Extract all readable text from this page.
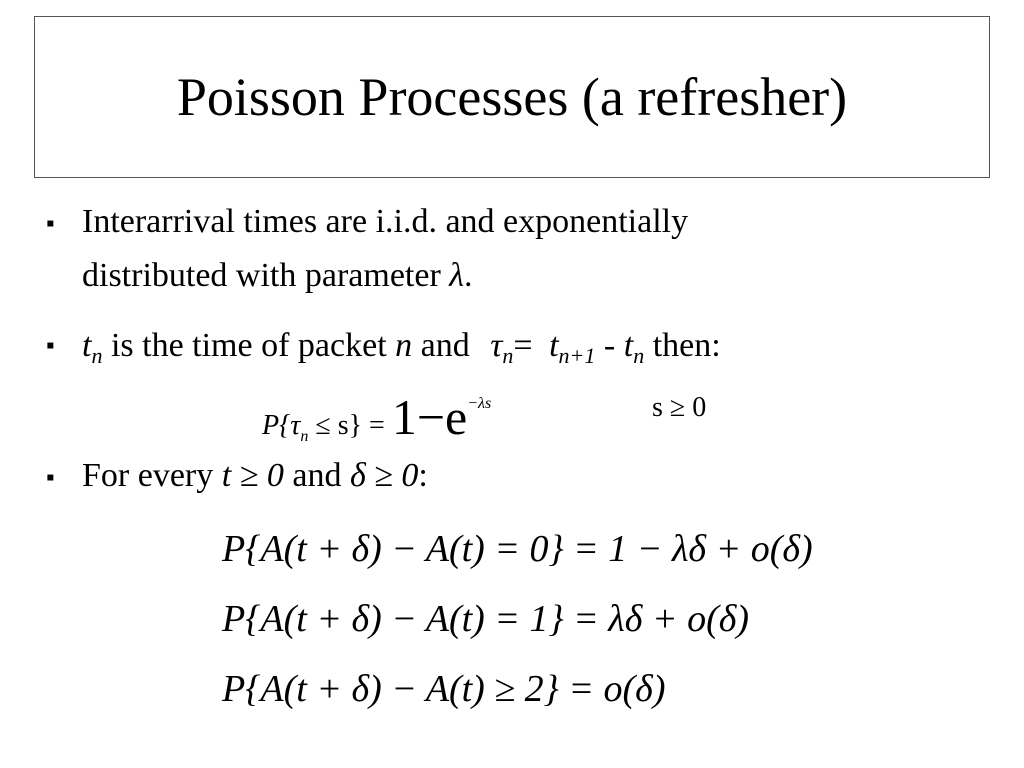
Poisson Processes (a refresher)
▪ Interarrival times are i.i.d. and exponentially
distributed with parameter λ.
▪ $t_n$ is the time of packet n and $\tau_n= t_{n+1} - t_n$ then:
$P\{\tau_n \le s\} = 1-e^{-\lambda s}$	s ≥ 0
▪ For every t ≥ 0 and δ ≥ 0:
P{A(t + δ) − A(t) = 0} = 1 − λδ + o(δ)
P{A(t + δ) − A(t) = 1} = λδ + o(δ)
P{A(t + δ) − A(t) ≥ 2} = o(δ)
